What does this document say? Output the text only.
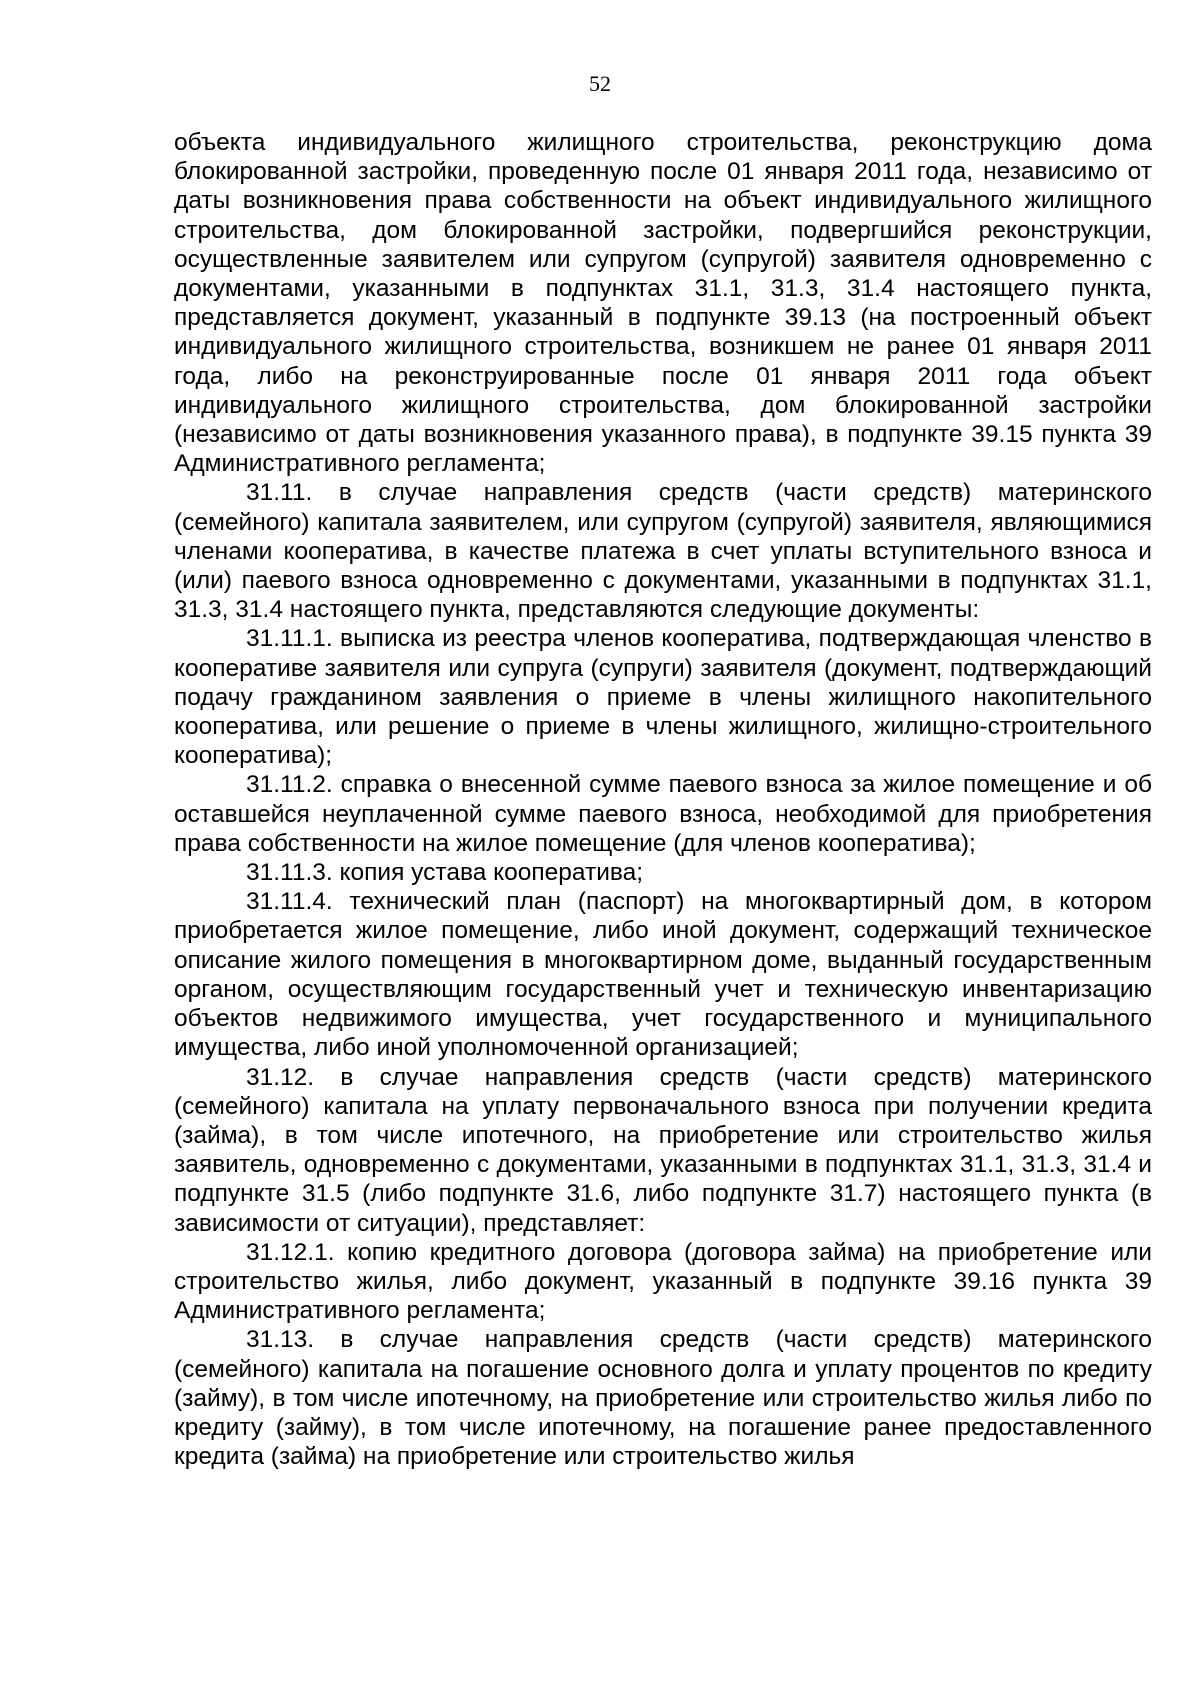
52

объекта индивидуального жилищного строительства, реконструкцию дома блокированной застройки, проведенную после 01 января 2011 года, независимо от даты возникновения права собственности на объект индивидуального жилищного строительства, дом блокированной застройки, подвергшийся реконструкции, осуществленные заявителем или супругом (супругой) заявителя одновременно с документами, указанными в подпунктах 31.1, 31.3, 31.4 настоящего пункта, представляется документ, указанный в подпункте 39.13 (на построенный объект индивидуального жилищного строительства, возникшем не ранее 01 января 2011 года, либо на реконструированные после 01 января 2011 года объект индивидуального жилищного строительства, дом блокированной застройки (независимо от даты возникновения указанного права), в подпункте 39.15 пункта 39 Административного регламента;

31.11. в случае направления средств (части средств) материнского (семейного) капитала заявителем, или супругом (супругой) заявителя, являющимися членами кооператива, в качестве платежа в счет уплаты вступительного взноса и (или) паевого взноса одновременно с документами, указанными в подпунктах 31.1, 31.3, 31.4 настоящего пункта, представляются следующие документы:

31.11.1. выписка из реестра членов кооператива, подтверждающая членство в кооперативе заявителя или супруга (супруги) заявителя (документ, подтверждающий подачу гражданином заявления о приеме в члены жилищного накопительного кооператива, или решение о приеме в члены жилищного, жилищно-строительного кооператива);

31.11.2. справка о внесенной сумме паевого взноса за жилое помещение и об оставшейся неуплаченной сумме паевого взноса, необходимой для приобретения права собственности на жилое помещение (для членов кооператива);

31.11.3. копия устава кооператива;

31.11.4. технический план (паспорт) на многоквартирный дом, в котором приобретается жилое помещение, либо иной документ, содержащий техническое описание жилого помещения в многоквартирном доме, выданный государственным органом, осуществляющим государственный учет и техническую инвентаризацию объектов недвижимого имущества, учет государственного и муниципального имущества, либо иной уполномоченной организацией;

31.12. в случае направления средств (части средств) материнского (семейного) капитала на уплату первоначального взноса при получении кредита (займа), в том числе ипотечного, на приобретение или строительство жилья заявитель, одновременно с документами, указанными в подпунктах 31.1, 31.3, 31.4 и подпункте 31.5 (либо подпункте 31.6, либо подпункте 31.7) настоящего пункта (в зависимости от ситуации), представляет:

31.12.1. копию кредитного договора (договора займа) на приобретение или строительство жилья, либо документ, указанный в подпункте 39.16 пункта 39 Административного регламента;

31.13. в случае направления средств (части средств) материнского (семейного) капитала на погашение основного долга и уплату процентов по кредиту (займу), в том числе ипотечному, на приобретение или строительство жилья либо по кредиту (займу), в том числе ипотечному, на погашение ранее предоставленного кредита (займа) на приобретение или строительство жилья
